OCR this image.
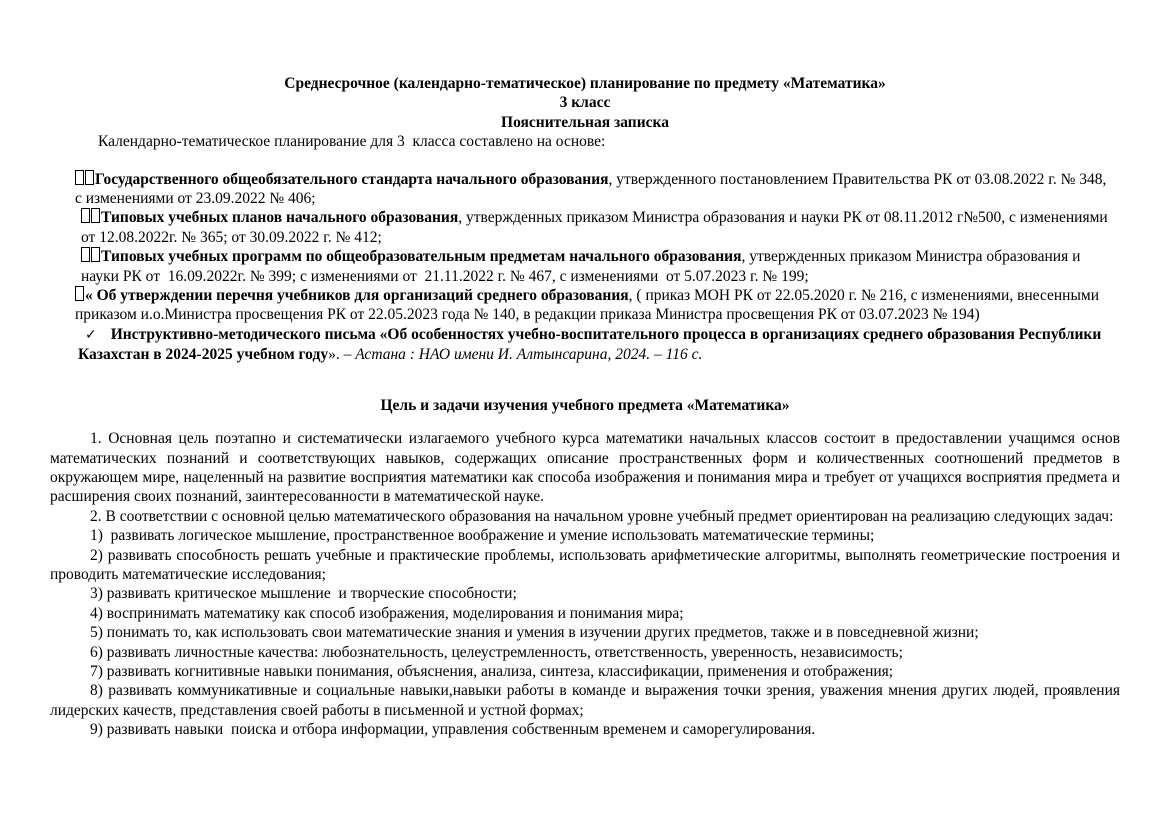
Среднесрочное (календарно-тематическое) планирование по предмету «Математика»

3 класс

Пояснительная записка

Календарно-тематическое планирование для 3  класса составлено на основе:

Государственного общеобязательного стандарта начального образования, утвержденного постановлением Правительства РК от 03.08.2022 г. № 348, с изменениями от 23.09.2022 № 406;

Типовых учебных планов начального образования, утвержденных приказом Министра образования и науки РК от 08.11.2012 г№500, с изменениями  от 12.08.2022г. № 365; от 30.09.2022 г. № 412;

Типовых учебных программ по общеобразовательным предметам начального образования, утвержденных приказом Министра образования и науки РК от  16.09.2022г. № 399; с изменениями от  21.11.2022 г. № 467, с изменениями  от 5.07.2023 г. № 199;

« Об утверждении перечня учебников для организаций среднего образования, ( приказ МОН РК от 22.05.2020 г. № 216, с изменениями, внесенными приказом и.о.Министра просвещения РК от 22.05.2023 года № 140, в редакции приказа Министра просвещения РК от 03.07.2023 № 194)

✓ Инструктивно-методического письма «Об особенностях учебно-воспитательного процесса в организациях среднего образования Республики Казахстан в 2024-2025 учебном году». – Астана : НАО имени И. Алтынсарина, 2024. – 116 с.

Цель и задачи изучения учебного предмета «Математика»

1. Основная цель поэтапно и систематически излагаемого учебного курса математики начальных классов состоит в предоставлении учащимся основ математических познаний и соответствующих навыков, содержащих описание пространственных форм и количественных соотношений предметов в окружающем мире, нацеленный на развитие восприятия математики как способа изображения и понимания мира и требует от учащихся восприятия предмета и расширения своих познаний, заинтересованности в математической науке.

2. В соответствии с основной целью математического образования на начальном уровне учебный предмет ориентирован на реализацию следующих задач:

1)  развивать логическое мышление, пространственное воображение и умение использовать математические термины;

2) развивать способность решать учебные и практические проблемы, использовать арифметические алгоритмы, выполнять геометрические построения и проводить математические исследования;

3) развивать критическое мышление  и творческие способности;

4) воспринимать математику как способ изображения, моделирования и понимания мира;

5) понимать то, как использовать свои математические знания и умения в изучении других предметов, также и в повседневной жизни;

6) развивать личностные качества: любознательность, целеустремленность, ответственность, уверенность, независимость;

7) развивать когнитивные навыки понимания, объяснения, анализа, синтеза, классификации, применения и отображения;

8) развивать коммуникативные и социальные навыки,навыки работы в команде и выражения точки зрения, уважения мнения других людей, проявления лидерских качеств, представления своей работы в письменной и устной формах;

9) развивать навыки  поиска и отбора информации, управления собственным временем и саморегулирования.
